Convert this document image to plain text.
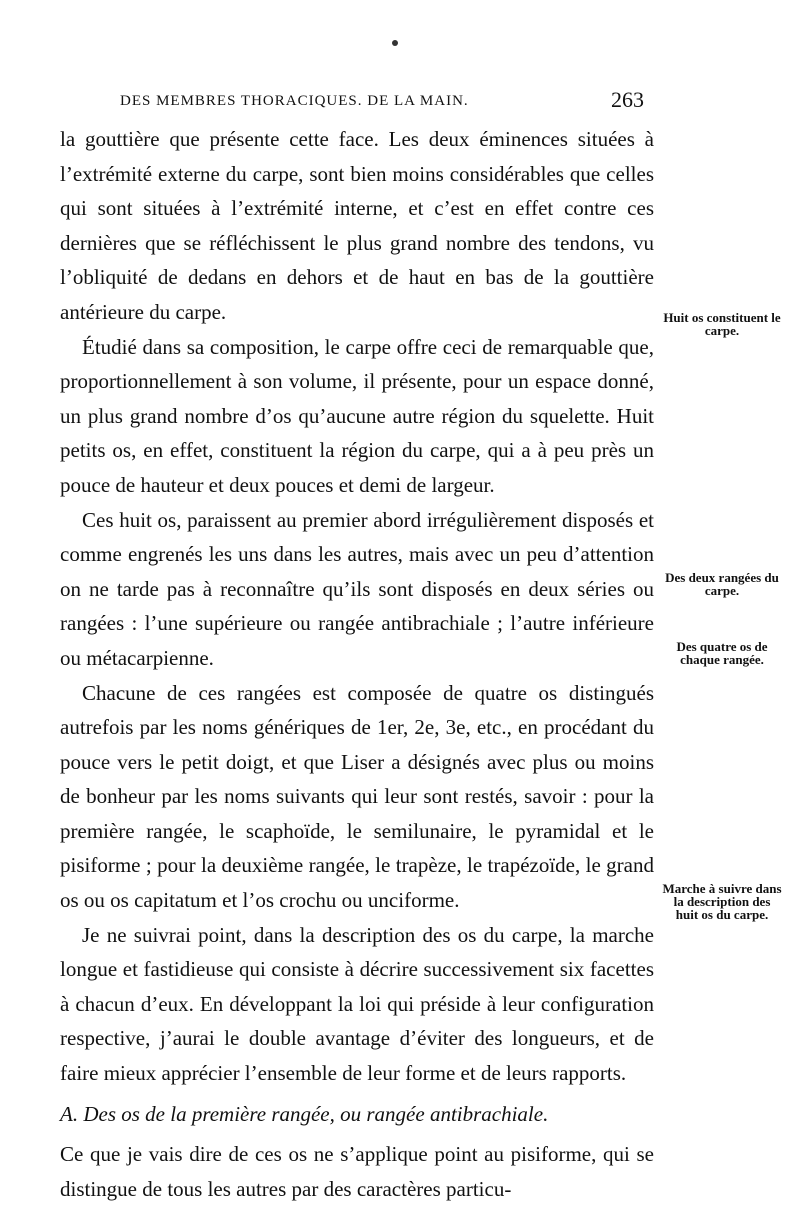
DES MEMBRES THORACIQUES. DE LA MAIN.	263

la gouttière que présente cette face. Les deux éminences situées à l’extrémité externe du carpe, sont bien moins considérables que celles qui sont situées à l’extrémité interne, et c’est en effet contre ces dernières que se réfléchissent le plus grand nombre des tendons, vu l’obliquité de dedans en dehors et de haut en bas de la gouttière antérieure du carpe.

Étudié dans sa composition, le carpe offre ceci de remarquable que, proportionnellement à son volume, il présente, pour un espace donné, un plus grand nombre d’os qu’aucune autre région du squelette. Huit petits os, en effet, constituent la région du carpe, qui a à peu près un pouce de hauteur et deux pouces et demi de largeur.

Ces huit os, paraissent au premier abord irrégulièrement disposés et comme engrenés les uns dans les autres, mais avec un peu d’attention on ne tarde pas à reconnaître qu’ils sont disposés en deux séries ou rangées : l’une supérieure ou rangée antibrachiale ; l’autre inférieure ou métacarpienne.

Chacune de ces rangées est composée de quatre os distingués autrefois par les noms génériques de 1er, 2e, 3e, etc., en procédant du pouce vers le petit doigt, et que Liser a désignés avec plus ou moins de bonheur par les noms suivants qui leur sont restés, savoir : pour la première rangée, le scaphoïde, le semilunaire, le pyramidal et le pisiforme ; pour la deuxième rangée, le trapèze, le trapézoïde, le grand os ou os capitatum et l’os crochu ou unciforme.

Je ne suivrai point, dans la description des os du carpe, la marche longue et fastidieuse qui consiste à décrire successivement six facettes à chacun d’eux. En développant la loi qui préside à leur configuration respective, j’aurai le double avantage d’éviter des longueurs, et de faire mieux apprécier l’ensemble de leur forme et de leurs rapports.

A. Des os de la première rangée, ou rangée antibrachiale.

Ce que je vais dire de ces os ne s’applique point au pisiforme, qui se distingue de tous les autres par des caractères particu-

Huit os constituent le carpe.
Des deux rangées du carpe.
Des quatre os de chaque rangée.
Marche à suivre dans la description des huit os du carpe.
